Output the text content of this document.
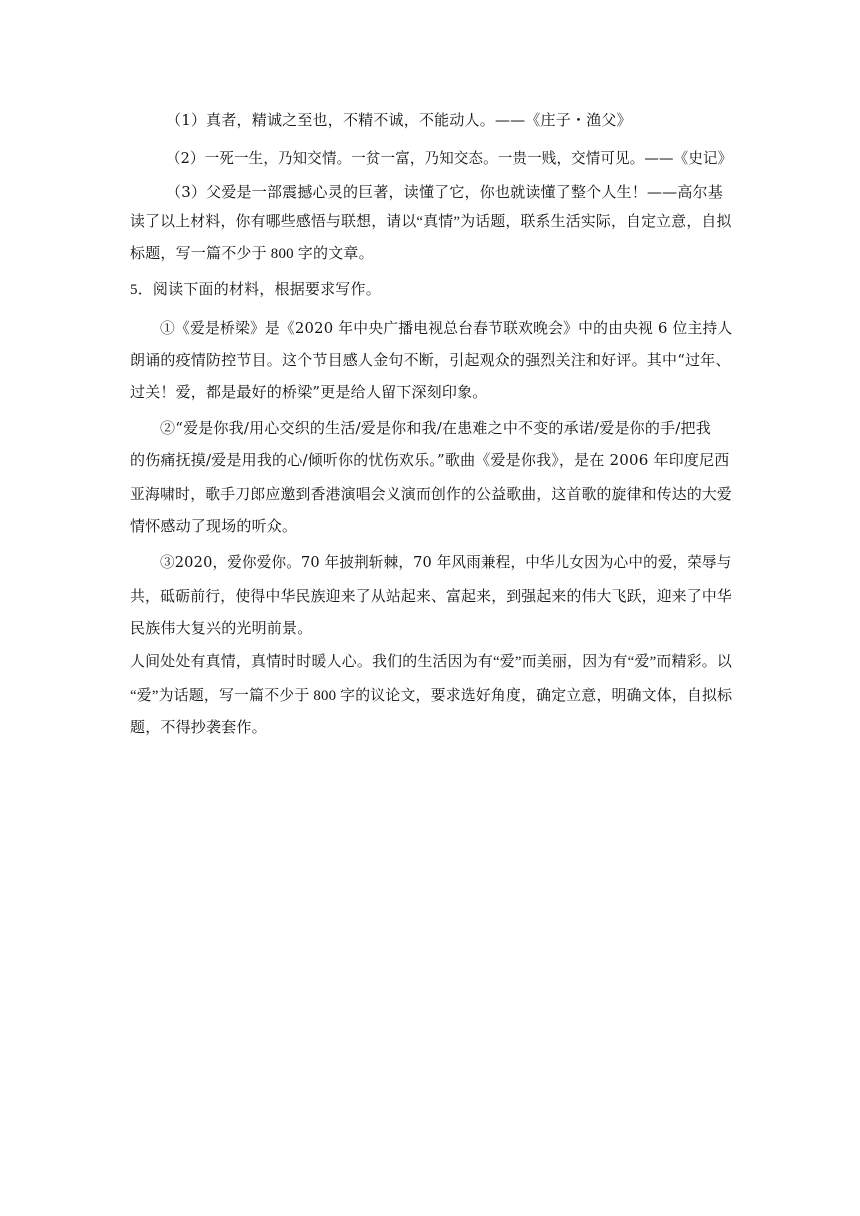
（1）真者，精诚之至也，不精不诚，不能动人。——《庄子・渔父》
（2）一死一生，乃知交情。一贫一富，乃知交态。一贵一贱，交情可见。——《史记》
（3）父爱是一部震撼心灵的巨著，读懂了它，你也就读懂了整个人生！——高尔基
读了以上材料，你有哪些感悟与联想，请以“真情”为话题，联系生活实际，自定立意，自拟
标题，写一篇不少于 800 字的文章。
5．阅读下面的材料，根据要求写作。
①《爱是桥梁》是《2020 年中央广播电视总台春节联欢晚会》中的由央视 6 位主持人
朗诵的疫情防控节目。这个节目感人金句不断，引起观众的强烈关注和好评。其中“过年、
过关！爱，都是最好的桥梁”更是给人留下深刻印象。
②“爱是你我/用心交织的生活/爱是你和我/在患难之中不变的承诺/爱是你的手/把我
的伤痛抚摸/爱是用我的心/倾听你的忧伤欢乐。”歌曲《爱是你我》，是在 2006 年印度尼西
亚海啸时，歌手刀郎应邀到香港演唱会义演而创作的公益歌曲，这首歌的旋律和传达的大爱
情怀感动了现场的听众。
③2020，爱你爱你。70 年披荆斩棘，70 年风雨兼程，中华儿女因为心中的爱，荣辱与
共，砥砺前行，使得中华民族迎来了从站起来、富起来，到强起来的伟大飞跃，迎来了中华
民族伟大复兴的光明前景。
人间处处有真情，真情时时暖人心。我们的生活因为有“爱”而美丽，因为有“爱”而精彩。以
“爱”为话题，写一篇不少于 800 字的议论文，要求选好角度，确定立意，明确文体，自拟标
题，不得抄袭套作。
